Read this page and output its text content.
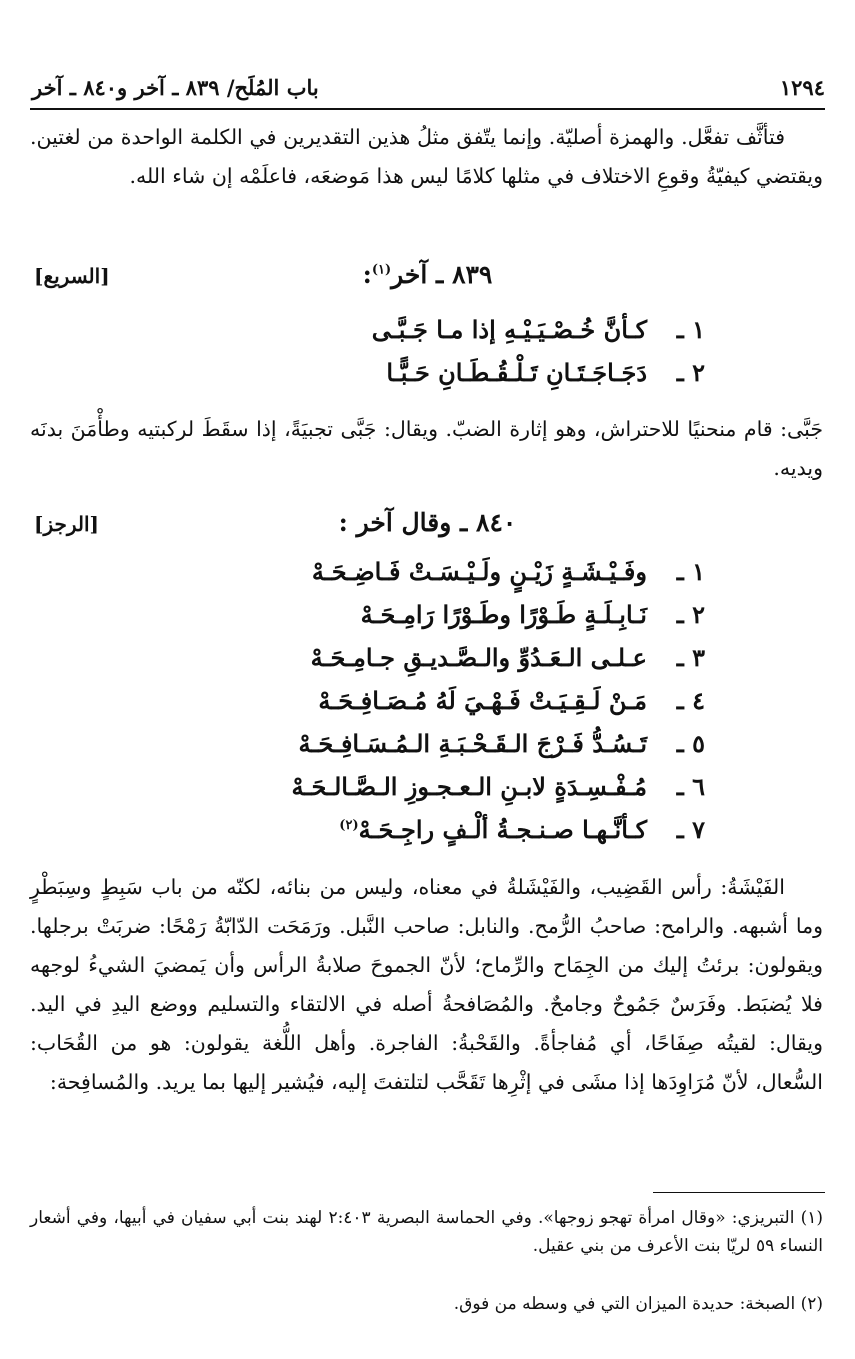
١٢٩٤
باب المُلَح/ ٨٣٩ ـ آخر و٨٤٠ ـ آخر

فتأثَّف تفعَّل. والهمزة أصليّة. وإنما يتّفق مثلُ هذين التقديرين في الكلمة الواحدة من لغتين. ويقتضي كيفيّةُ وقوعِ الاختلاف في مثلها كلامًا ليس هذا مَوضعَه، فاعلَمْه إن شاء الله.

٨٣٩ ـ آخر$^{(١)}$:
[السريع]
١ ـكـأنَّ خُـصْـيَـيْـهِ إذا مـا جَـبَّـى
٢ ـدَجَـاجَـتَـانِ تَـلْـقُـطَـانِ حَـبًّـا

جَبَّى: قام منحنيًا للاحتراش، وهو إثارة الضبّ. ويقال: جَبَّى تجبيَةً، إذا سقَطَ لركبتيه وطأْمَنَ بدنَه ويديه.

٨٤٠ ـ وقال آخر :
[الرجز]
١ ـوفَـيْـشَـةٍ زَيْـنٍ ولَـيْـسَـتْ فَـاضِـحَـهْ
٢ ـنَـابِـلَـةٍ طَـوْرًا وطَـوْرًا رَامِـحَـهْ
٣ ـعـلـى الـعَـدُوِّ والـصَّـديـقِ جـامِـحَـهْ
٤ ـمَـنْ لَـقِـيَـتْ فَـهْـيَ لَهُ مُـصَـافِـحَـهْ
٥ ـتَـسُـدُّ فَـرْجَ الـقَـحْـبَـةِ الـمُـسَـافِـحَـهْ
٦ ـمُـفْـسِـدَةٍ لابـنِ الـعـجـوزِ الـصَّـالـحَـهْ
٧ ـكـأنَّـهـا صـنـجـةُ ألْـفٍ راجِـحَـهْ$^{(٢)}$

الفَيْشَةُ: رأس القَضِيب، والفَيْشَلةُ في معناه، وليس من بنائه، لكنّه من باب سَبِطٍ وسِبَطْرٍ وما أشبهه. والرامح: صاحبُ الرُّمح. والنابل: صاحب النَّبل. ورَمَحَت الدّابّةُ رَمْحًا: ضربَتْ برجلها. ويقولون: برئتُ إليك من الجِمَاح والرِّماح؛ لأنّ الجموحَ صلابةُ الرأس وأن يَمضيَ الشيءُ لوجهه فلا يُضبَط. وفَرَسٌ جَمُوحٌ وجامحٌ. والمُصَافحةُ أصله في الالتقاء والتسليم ووضع اليدِ في اليد. ويقال: لقيتُه صِفَاحًا، أي مُفاجأةً. والقَحْبةُ: الفاجرة. وأهل اللُّغة يقولون: هو من القُحَاب: السُّعال، لأنّ مُرَاوِدَها إذا مشَى في إثْرِها تَقَحَّب لتلتفتَ إليه، فيُشير إليها بما يريد. والمُسافِحة:

(١) التبريزي: «وقال امرأة تهجو زوجها». وفي الحماسة البصرية ٢:٤٠٣ لهند بنت أبي سفيان في أبيها، وفي أشعار النساء ٥٩ لريّا بنت الأعرف من بني عقيل.

(٢) الصبخة: حديدة الميزان التي في وسطه من فوق.
